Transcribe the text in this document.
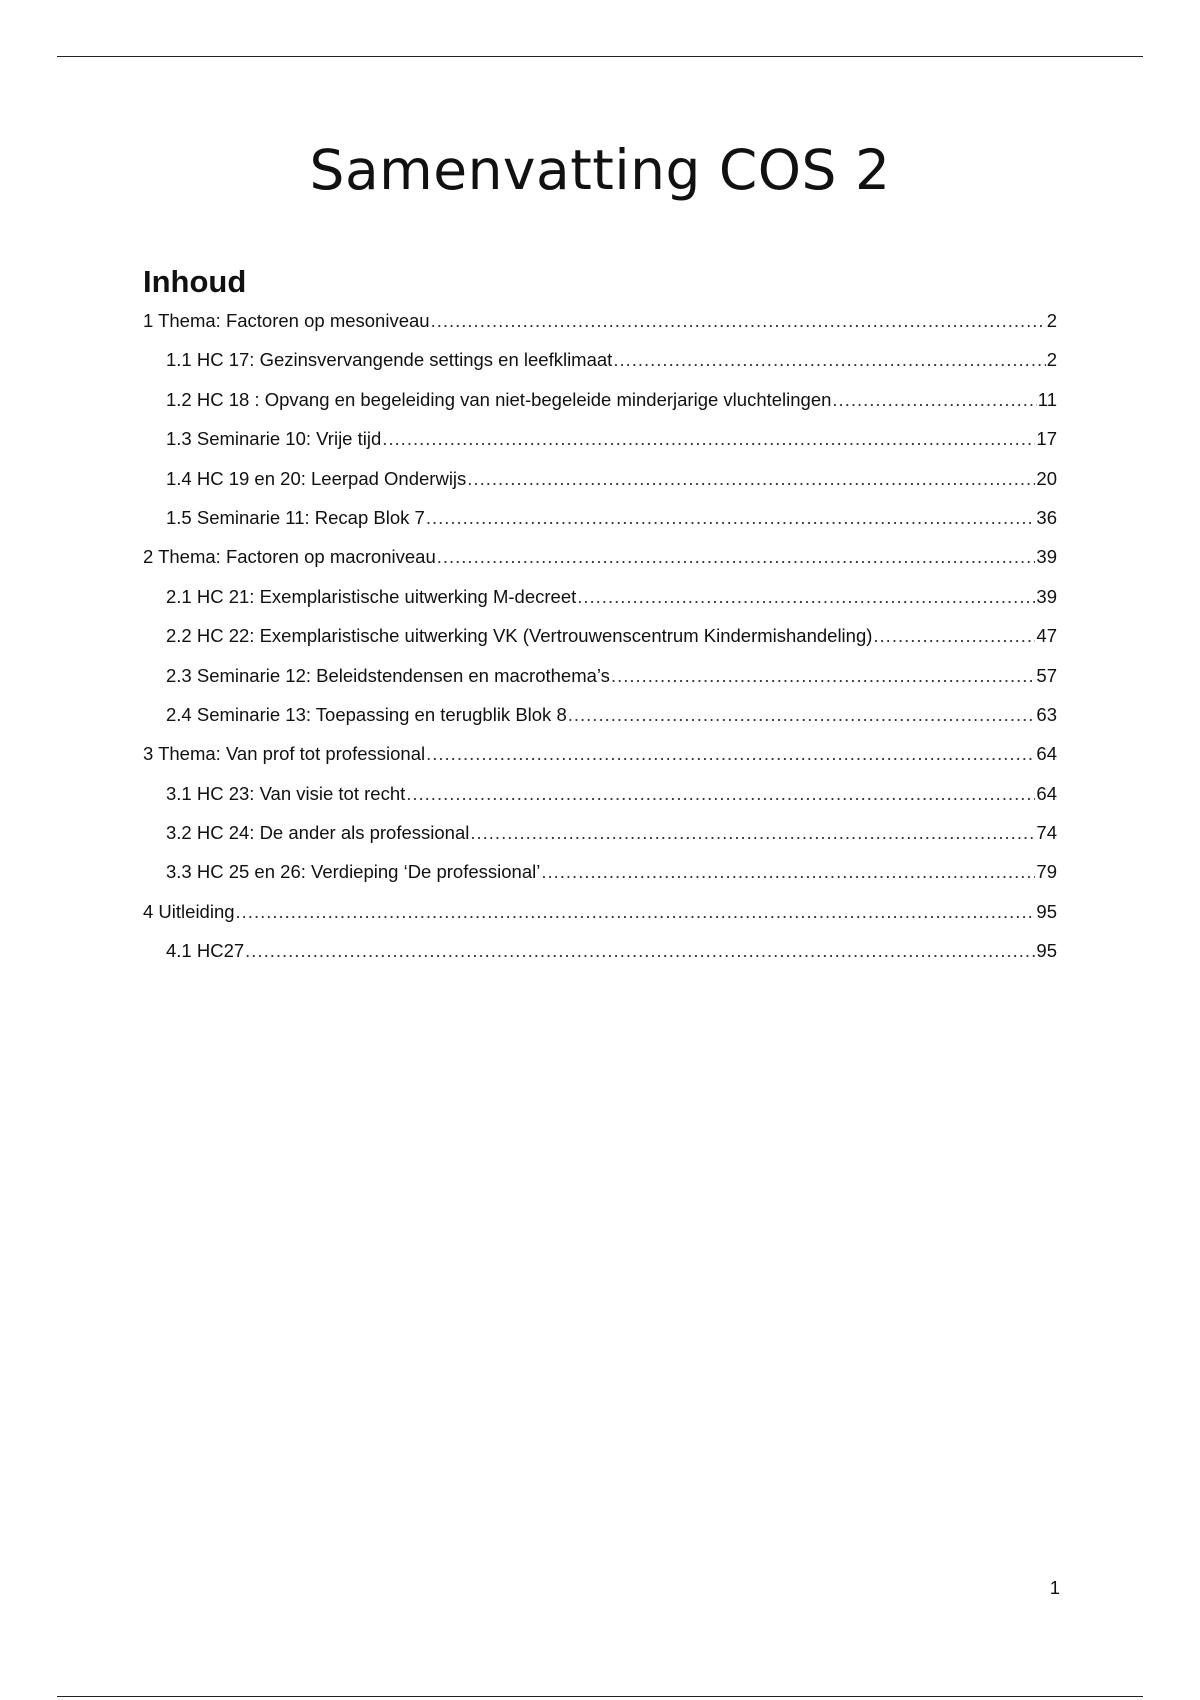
Samenvatting COS 2
Inhoud
1 Thema: Factoren op mesoniveau .....	2
1.1 HC 17: Gezinsvervangende settings en leefklimaat .....	2
1.2 HC 18 : Opvang en begeleiding van niet-begeleide minderjarige vluchtelingen .....	11
1.3 Seminarie 10: Vrije tijd .....	17
1.4 HC 19 en 20: Leerpad Onderwijs .....	20
1.5 Seminarie 11: Recap Blok 7 .....	36
2 Thema: Factoren op macroniveau .....	39
2.1 HC 21: Exemplaristische uitwerking M-decreet .....	39
2.2 HC 22: Exemplaristische uitwerking VK (Vertrouwenscentrum Kindermishandeling) .....	47
2.3 Seminarie 12: Beleidstendensen en macrothema’s .....	57
2.4 Seminarie 13: Toepassing en terugblik Blok 8 .....	63
3 Thema: Van prof tot professional .....	64
3.1 HC 23: Van visie tot recht .....	64
3.2 HC 24: De ander als professional .....	74
3.3 HC 25 en 26: Verdieping ‘De professional’ .....	79
4 Uitleiding .....	95
4.1 HC27 .....	95
1
